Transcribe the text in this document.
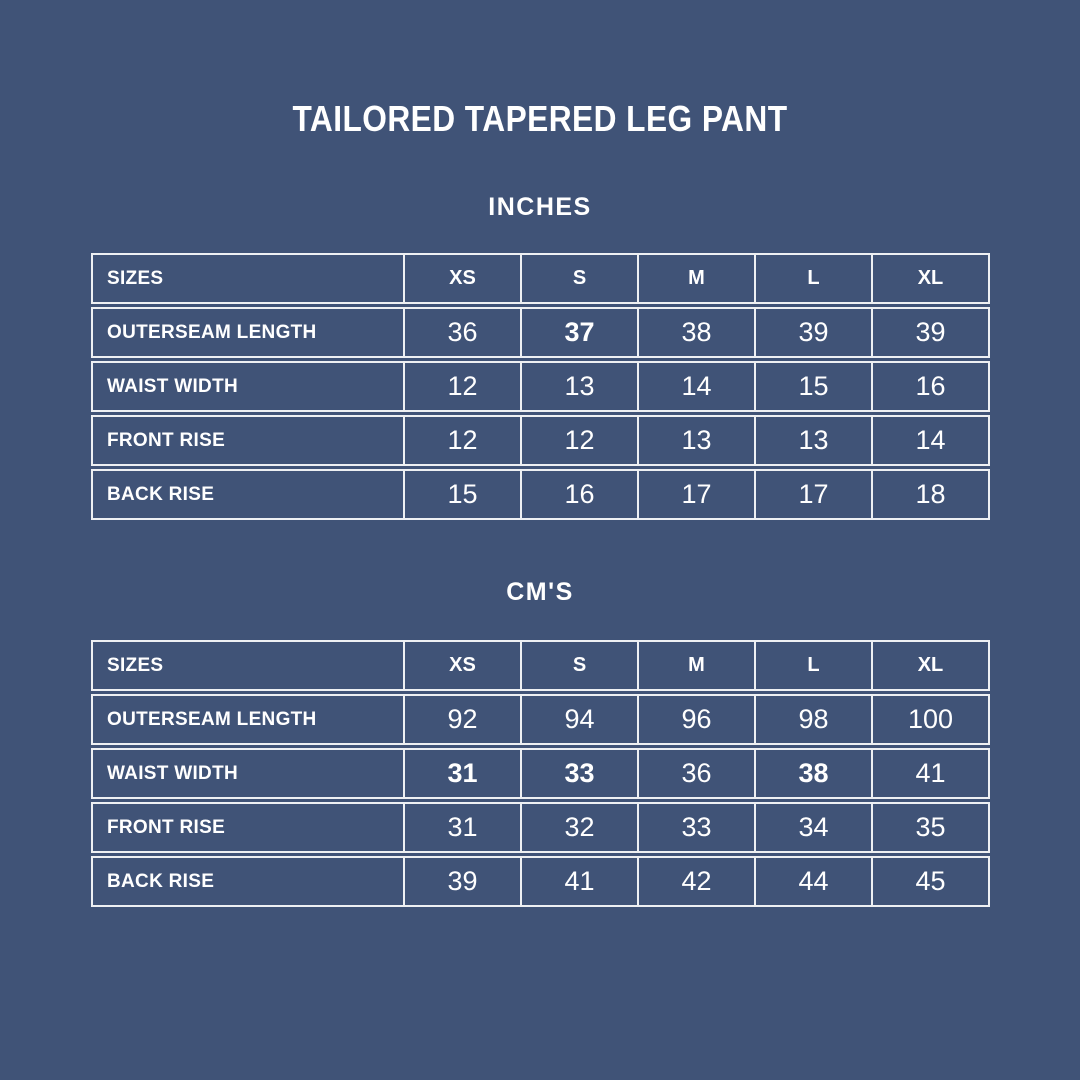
TAILORED TAPERED LEG PANT
INCHES
SIZES	XS	S	M	L	XL
OUTERSEAM LENGTH	36	37	38	39	39
WAIST WIDTH	12	13	14	15	16
FRONT RISE	12	12	13	13	14
BACK RISE	15	16	17	17	18
CM'S
SIZES	XS	S	M	L	XL
OUTERSEAM LENGTH	92	94	96	98	100
WAIST WIDTH	31	33	36	38	41
FRONT RISE	31	32	33	34	35
BACK RISE	39	41	42	44	45
